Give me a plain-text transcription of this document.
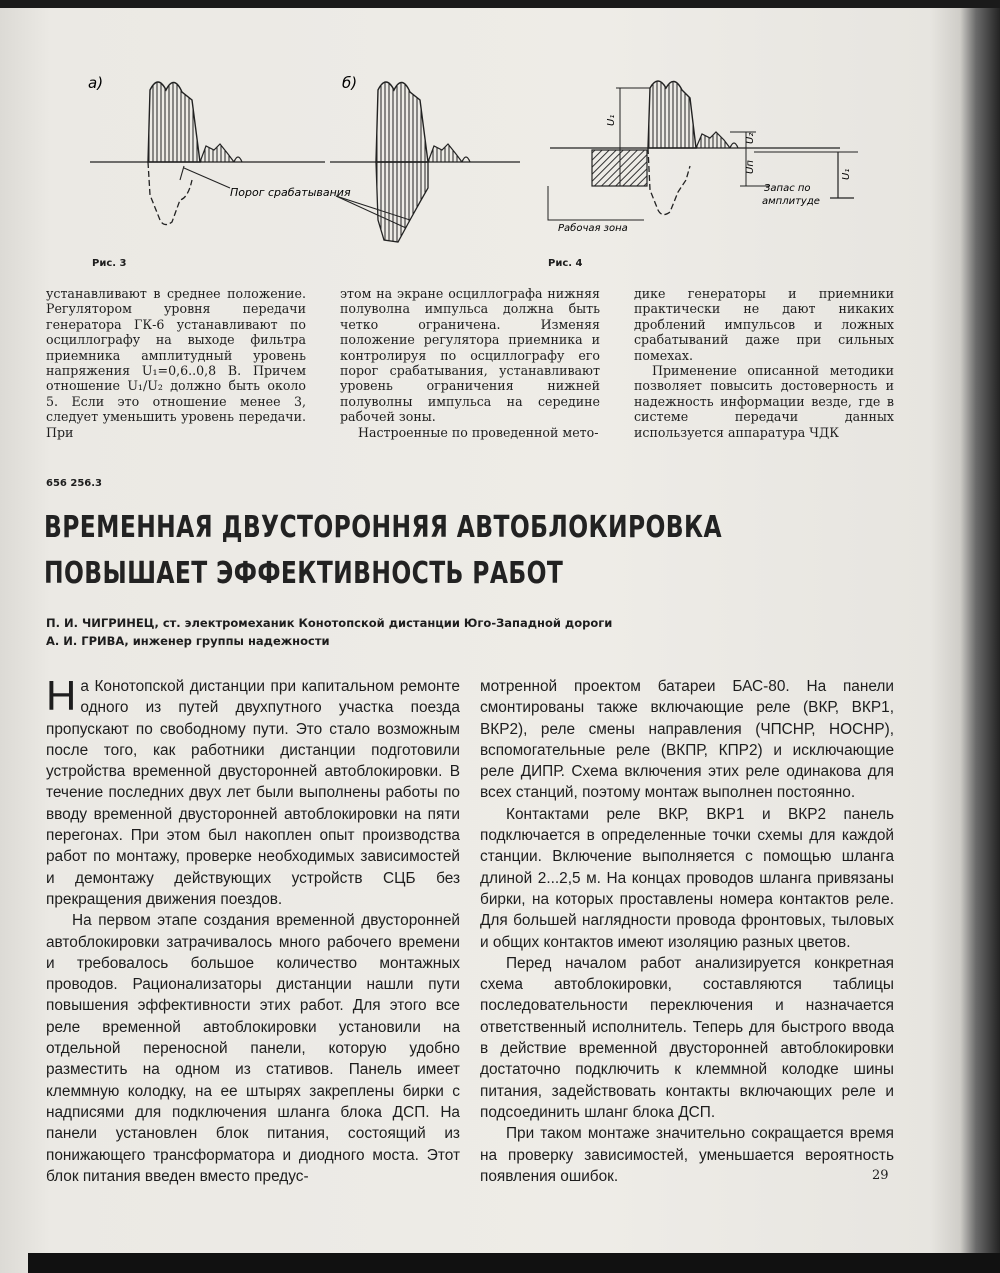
а)	б)
Порог срабатывания
Рис. 3
U₁
U₂
Uп
U₁
Запас по
амплитуде
Рабочая зона
Рис. 4

устанавливают в среднее положение. Регулятором уровня передачи генератора ГК-6 устанавливают по осциллографу на выходе фильтра приемника амплитудный уровень напряжения U₁=0,6..0,8 В. Причем отношение U₁/U₂ должно быть около 5. Если это отношение менее 3, следует уменьшить уровень передачи. При

этом на экране осциллографа нижняя полуволна импульса должна быть четко ограничена. Изменяя положение регулятора приемника и контролируя по осциллографу его порог срабатывания, устанавливают уровень ограничения нижней полуволны импульса на середине рабочей зоны.

Настроенные по проведенной мето-

дике генераторы и приемники практически не дают никаких дроблений импульсов и ложных срабатываний даже при сильных помехах.

Применение описанной методики позволяет повысить достоверность и надежность информации везде, где в системе передачи данных используется аппаратура ЧДК

656 256.3
ВРЕМЕННАЯ ДВУСТОРОННЯЯ АВТОБЛОКИРОВКА
ПОВЫШАЕТ ЭФФЕКТИВНОСТЬ РАБОТ
П. И. ЧИГРИНЕЦ, ст. электромеханик Конотопской дистанции Юго-Западной дороги
А. И. ГРИВА, инженер группы надежности

На Конотопской дистанции при капитальном ремонте одного из путей двухпутного участка поезда пропускают по свободному пути. Это стало возможным после того, как работники дистанции подготовили устройства временной двусторонней автоблокировки. В течение последних двух лет были выполнены работы по вводу временной двусторонней автоблокировки на пяти перегонах. При этом был накоплен опыт производства работ по монтажу, проверке необходимых зависимостей и демонтажу действующих устройств СЦБ без прекращения движения поездов.

На первом этапе создания временной двусторонней автоблокировки затрачивалось много рабочего времени и требовалось большое количество монтажных проводов. Рационализаторы дистанции нашли пути повышения эффективности этих работ. Для этого все реле временной автоблокировки установили на отдельной переносной панели, которую удобно разместить на одном из стативов. Панель имеет клеммную колодку, на ее штырях закреплены бирки с надписями для подключения шланга блока ДСП. На панели установлен блок питания, состоящий из понижающего трансформатора и диодного моста. Этот блок питания введен вместо предус-

мотренной проектом батареи БАС-80. На панели смонтированы также включающие реле (ВКР, ВКР1, ВКР2), реле смены направления (ЧПСНР, НОСНР), вспомогательные реле (ВКПР, КПР2) и исключающие реле ДИПР. Схема включения этих реле одинакова для всех станций, поэтому монтаж выполнен постоянно.

Контактами реле ВКР, ВКР1 и ВКР2 панель подключается в определенные точки схемы для каждой станции. Включение выполняется с помощью шланга длиной 2...2,5 м. На концах проводов шланга привязаны бирки, на которых проставлены номера контактов реле. Для большей наглядности провода фронтовых, тыловых и общих контактов имеют изоляцию разных цветов.

Перед началом работ анализируется конкретная схема автоблокировки, составляются таблицы последовательности переключения и назначается ответственный исполнитель. Теперь для быстрого ввода в действие временной двусторонней автоблокировки достаточно подключить к клеммной колодке шины питания, задействовать контакты включающих реле и подсоединить шланг блока ДСП.

При таком монтаже значительно сокращается время на проверку зависимостей, уменьшается вероятность появления ошибок.	29
